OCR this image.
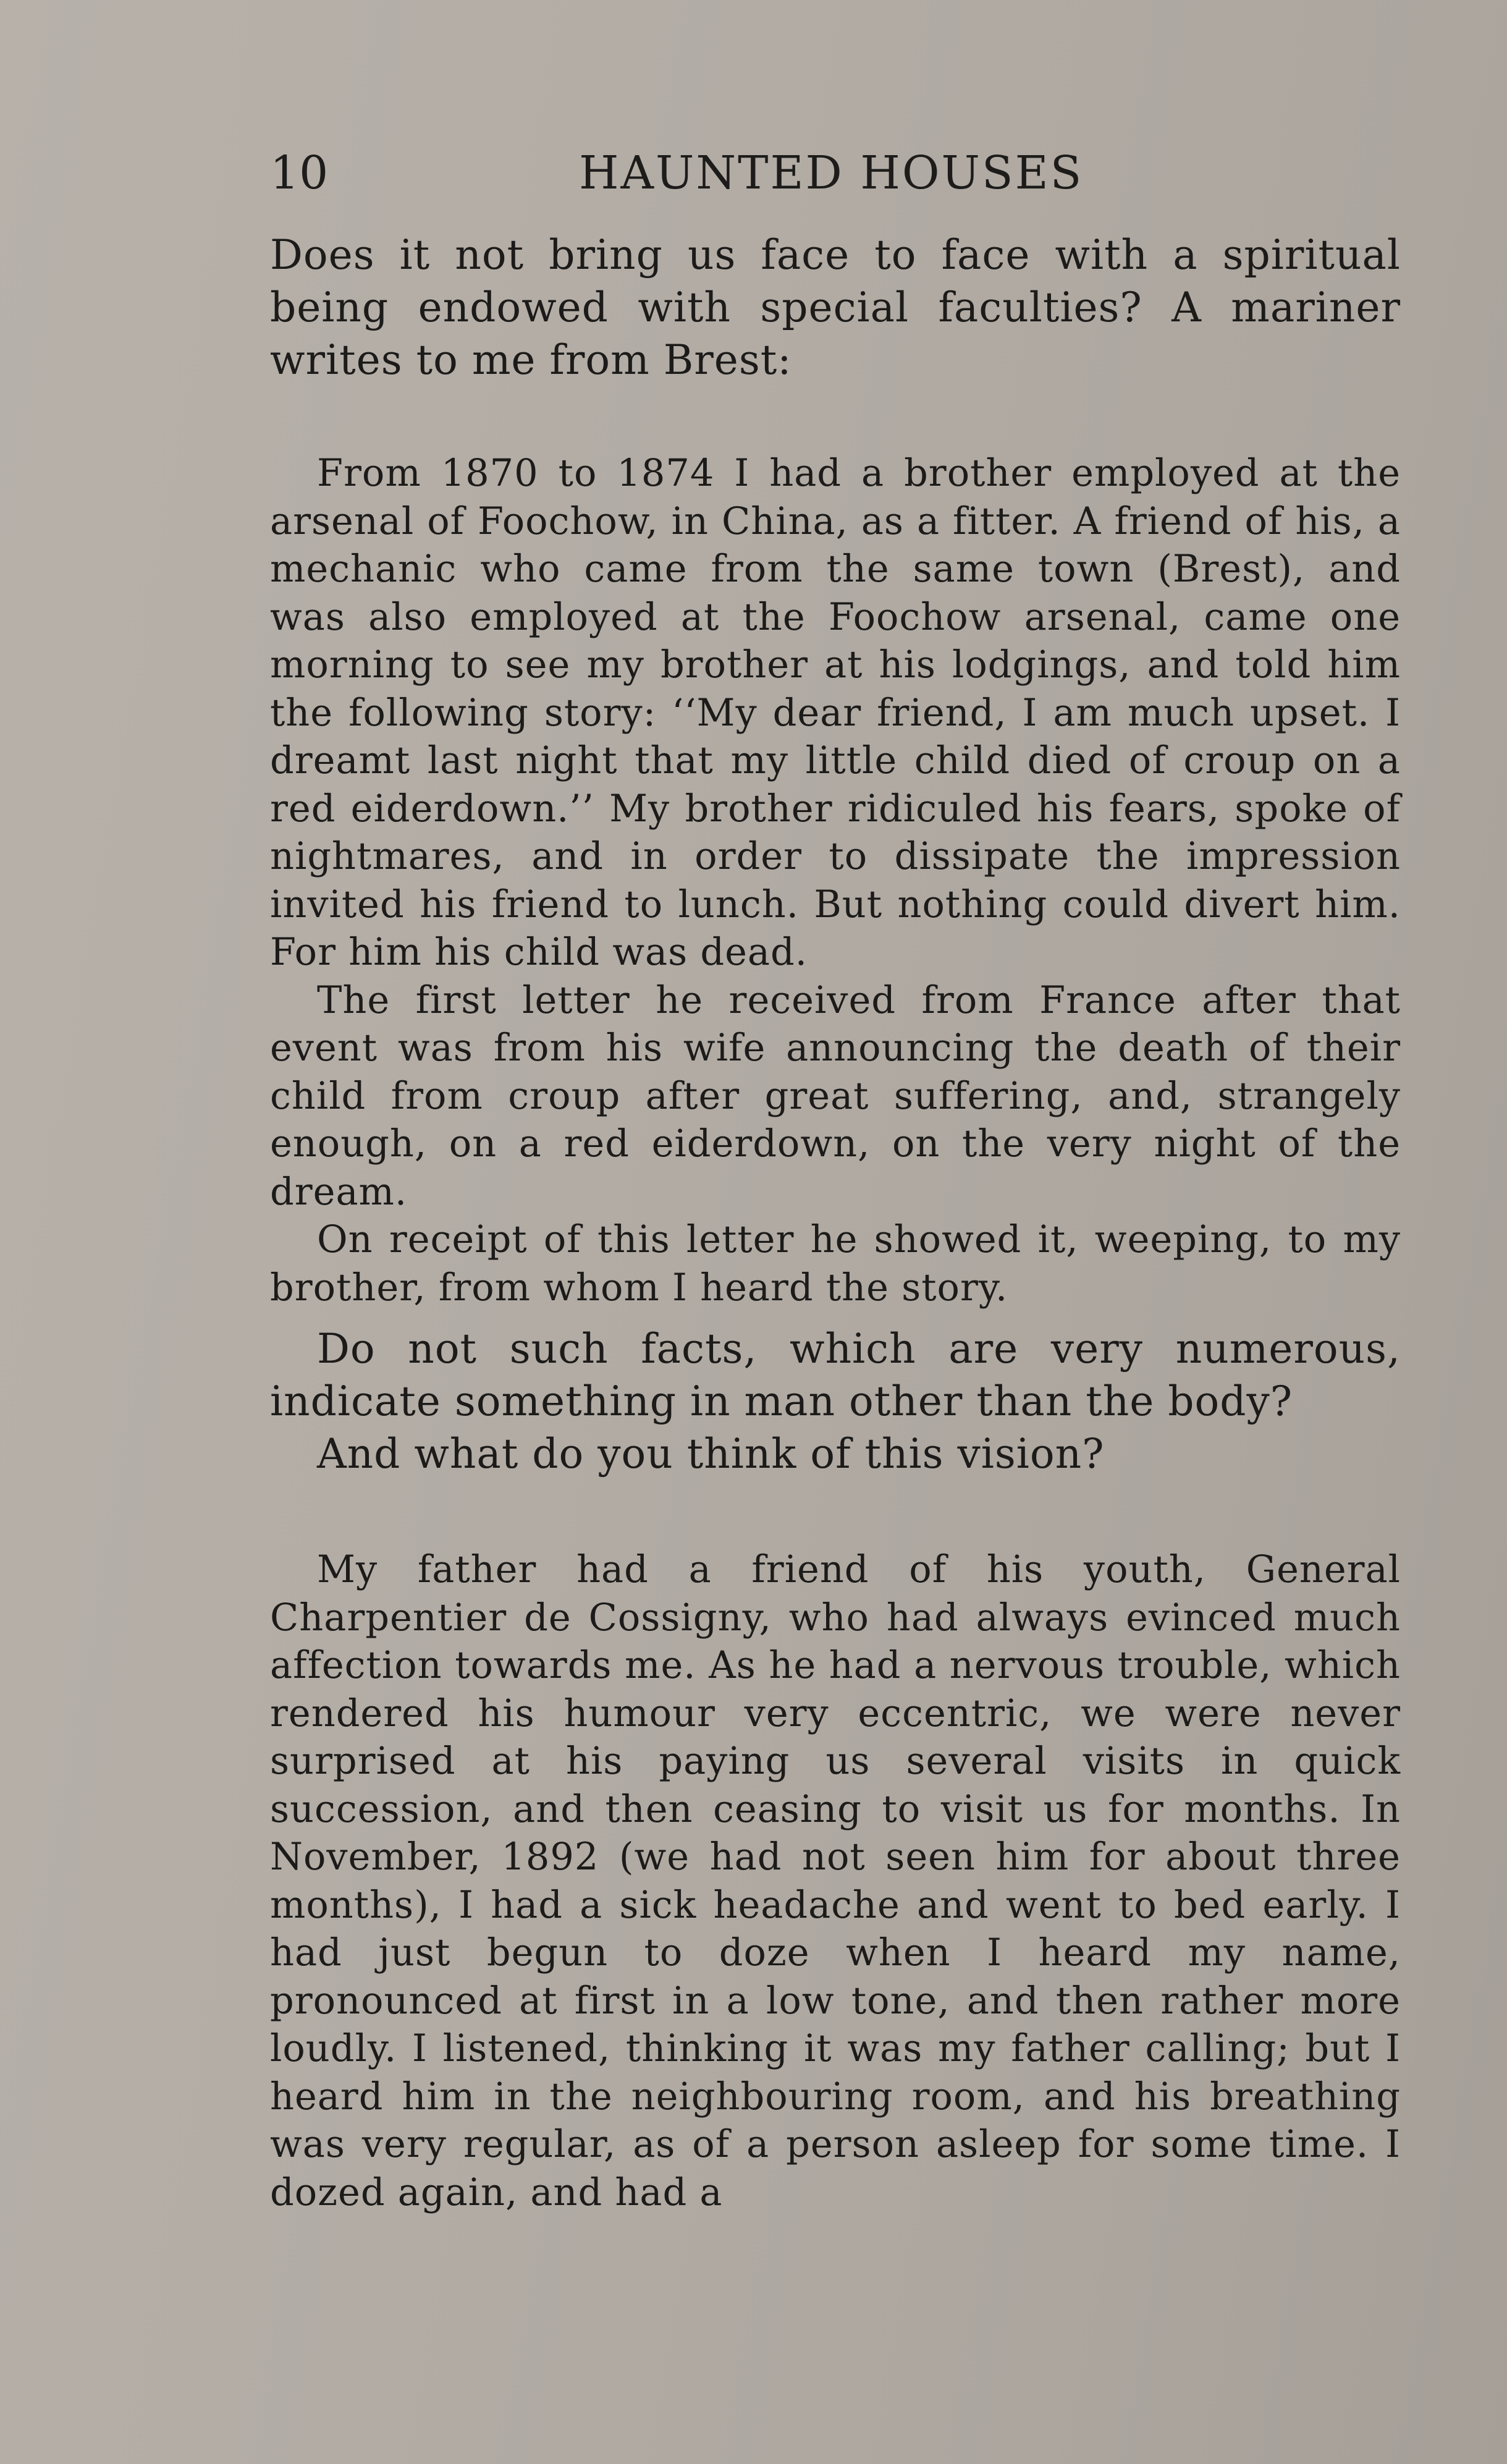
10	HAUNTED HOUSES

Does it not bring us face to face with a spiritual being endowed with special faculties? A mariner writes to me from Brest:

From 1870 to 1874 I had a brother employed at the arsenal of Foochow, in China, as a fitter. A friend of his, a mechanic who came from the same town (Brest), and was also employed at the Foochow arsenal, came one morning to see my brother at his lodgings, and told him the following story: ‘‘My dear friend, I am much upset. I dreamt last night that my little child died of croup on a red eiderdown.’’ My brother ridiculed his fears, spoke of nightmares, and in order to dissipate the impression invited his friend to lunch. But nothing could divert him. For him his child was dead.

The first letter he received from France after that event was from his wife announcing the death of their child from croup after great suffering, and, strangely enough, on a red eiderdown, on the very night of the dream.

On receipt of this letter he showed it, weeping, to my brother, from whom I heard the story.

Do not such facts, which are very numerous, indicate something in man other than the body?

And what do you think of this vision?

My father had a friend of his youth, General Charpentier de Cossigny, who had always evinced much affection towards me. As he had a nervous trouble, which rendered his humour very eccentric, we were never surprised at his paying us several visits in quick succession, and then ceasing to visit us for months. In November, 1892 (we had not seen him for about three months), I had a sick headache and went to bed early. I had just begun to doze when I heard my name, pronounced at first in a low tone, and then rather more loudly. I listened, thinking it was my father calling; but I heard him in the neighbouring room, and his breathing was very regular, as of a person asleep for some time. I dozed again, and had a
